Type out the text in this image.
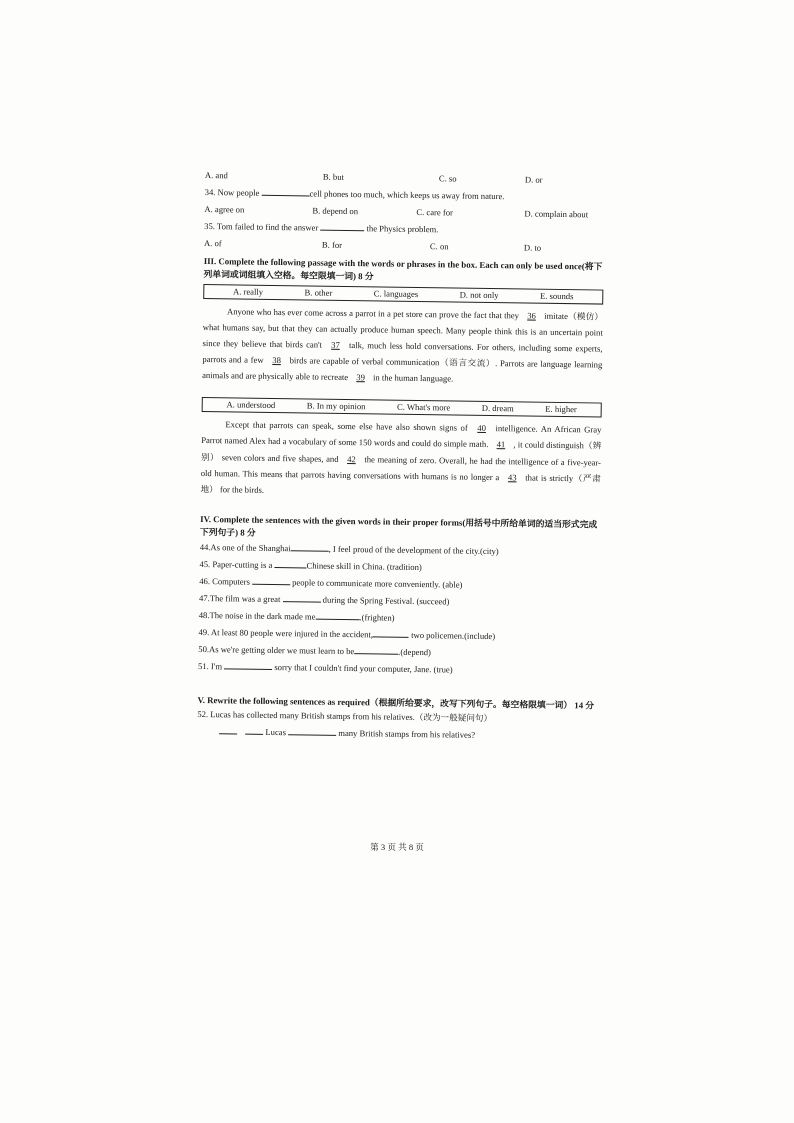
A. and	B. but	C. so	D. or
34. Now people	cell phones too much, which keeps us away from nature.
A. agree on	B. depend on	C. care for	D. complain about
35. Tom failed to find the answer	the Physics problem.
A. of	B. for	C. on	D. to
III. Complete the following passage with the words or phrases in the box. Each can only be used once(将下列单词或词组填入空格。每空限填一词) 8 分
A. really	B. other	C. languages	D. not only	E. sounds
Anyone who has ever come across a parrot in a pet store can prove the fact that they 36 imitate（模仿） what humans say, but that they can actually produce human speech. Many people think this is an uncertain point since they believe that birds can't 37 talk, much less hold conversations. For others, including some experts, parrots and a few 38 birds are capable of verbal communication（语言交流）. Parrots are language learning animals and are physically able to recreate 39 in the human language.
A. understood	B. In my opinion	C. What's more	D. dream	E. higher
Except that parrots can speak, some else have also shown signs of 40 intelligence. An African Gray Parrot named Alex had a vocabulary of some 150 words and could do simple math. 41 , it could distinguish（辨别） seven colors and five shapes, and 42 the meaning of zero. Overall, he had the intelligence of a five-year-old human. This means that parrots having conversations with humans is no longer a 43 that is strictly（严肃地） for the birds.
IV. Complete the sentences with the given words in their proper forms(用括号中所给单词的适当形式完成下列句子) 8 分
44.As one of the Shanghai	, I feel proud of the development of the city.(city)
45. Paper-cutting is a	Chinese skill in China. (tradition)
46. Computers	people to communicate more conveniently. (able)
47.The film was a great	during the Spring Festival. (succeed)
48.The noise in the dark made me	.(frighten)
49. At least 80 people were injured in the accident,	two policemen.(include)
50.As we're getting older we must learn to be	.(depend)
51. I'm	sorry that I couldn't find your computer, Jane. (true)
V. Rewrite the following sentences as required（根据所给要求，改写下列句子。每空格限填一词） 14 分
52. Lucas has collected many British stamps from his relatives.（改为一般疑问句）
Lucas	many British stamps from his relatives?
第 3 页 共 8 页
